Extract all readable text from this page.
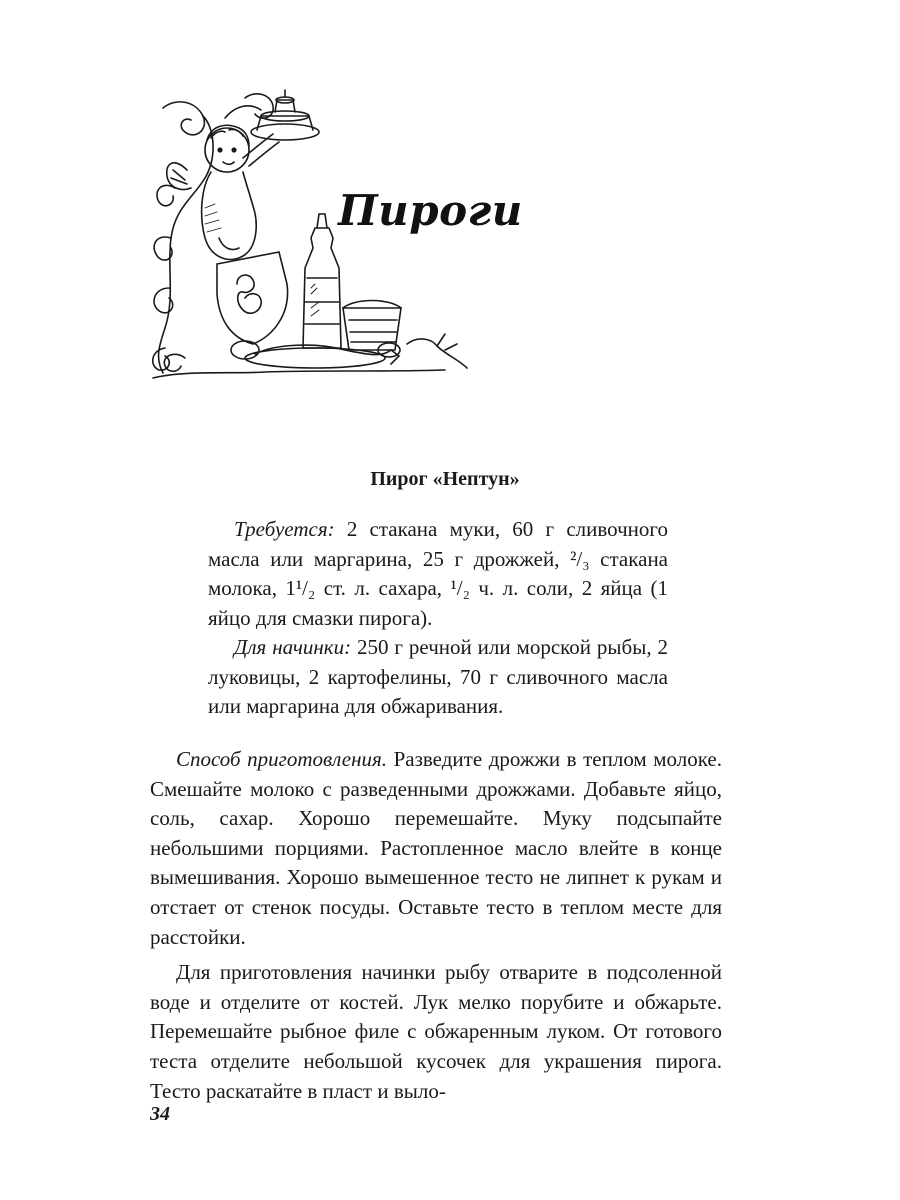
Пироги
Пирог «Нептун»

Требуется: 2 стакана муки, 60 г сливочного масла или маргарина, 25 г дрожжей, ²/₃ стакана молока, 1¹/₂ ст. л. сахара, ¹/₂ ч. л. соли, 2 яйца (1 яйцо для смазки пирога).

Для начинки: 250 г речной или морской рыбы, 2 луковицы, 2 картофелины, 70 г сливочного масла или маргарина для обжаривания.

Способ приготовления. Разведите дрожжи в теплом молоке. Смешайте молоко с разведенными дрожжами. Добавьте яйцо, соль, сахар. Хорошо перемешайте. Муку подсыпайте небольшими порциями. Растопленное масло влейте в конце вымешивания. Хорошо вымешенное тесто не липнет к рукам и отстает от стенок посуды. Оставьте тесто в теплом месте для расстойки.

Для приготовления начинки рыбу отварите в подсоленной воде и отделите от костей. Лук мелко порубите и обжарьте. Перемешайте рыбное филе с обжаренным луком. От готового теста отделите небольшой кусочек для украшения пирога. Тесто раскатайте в пласт и выло-

34
